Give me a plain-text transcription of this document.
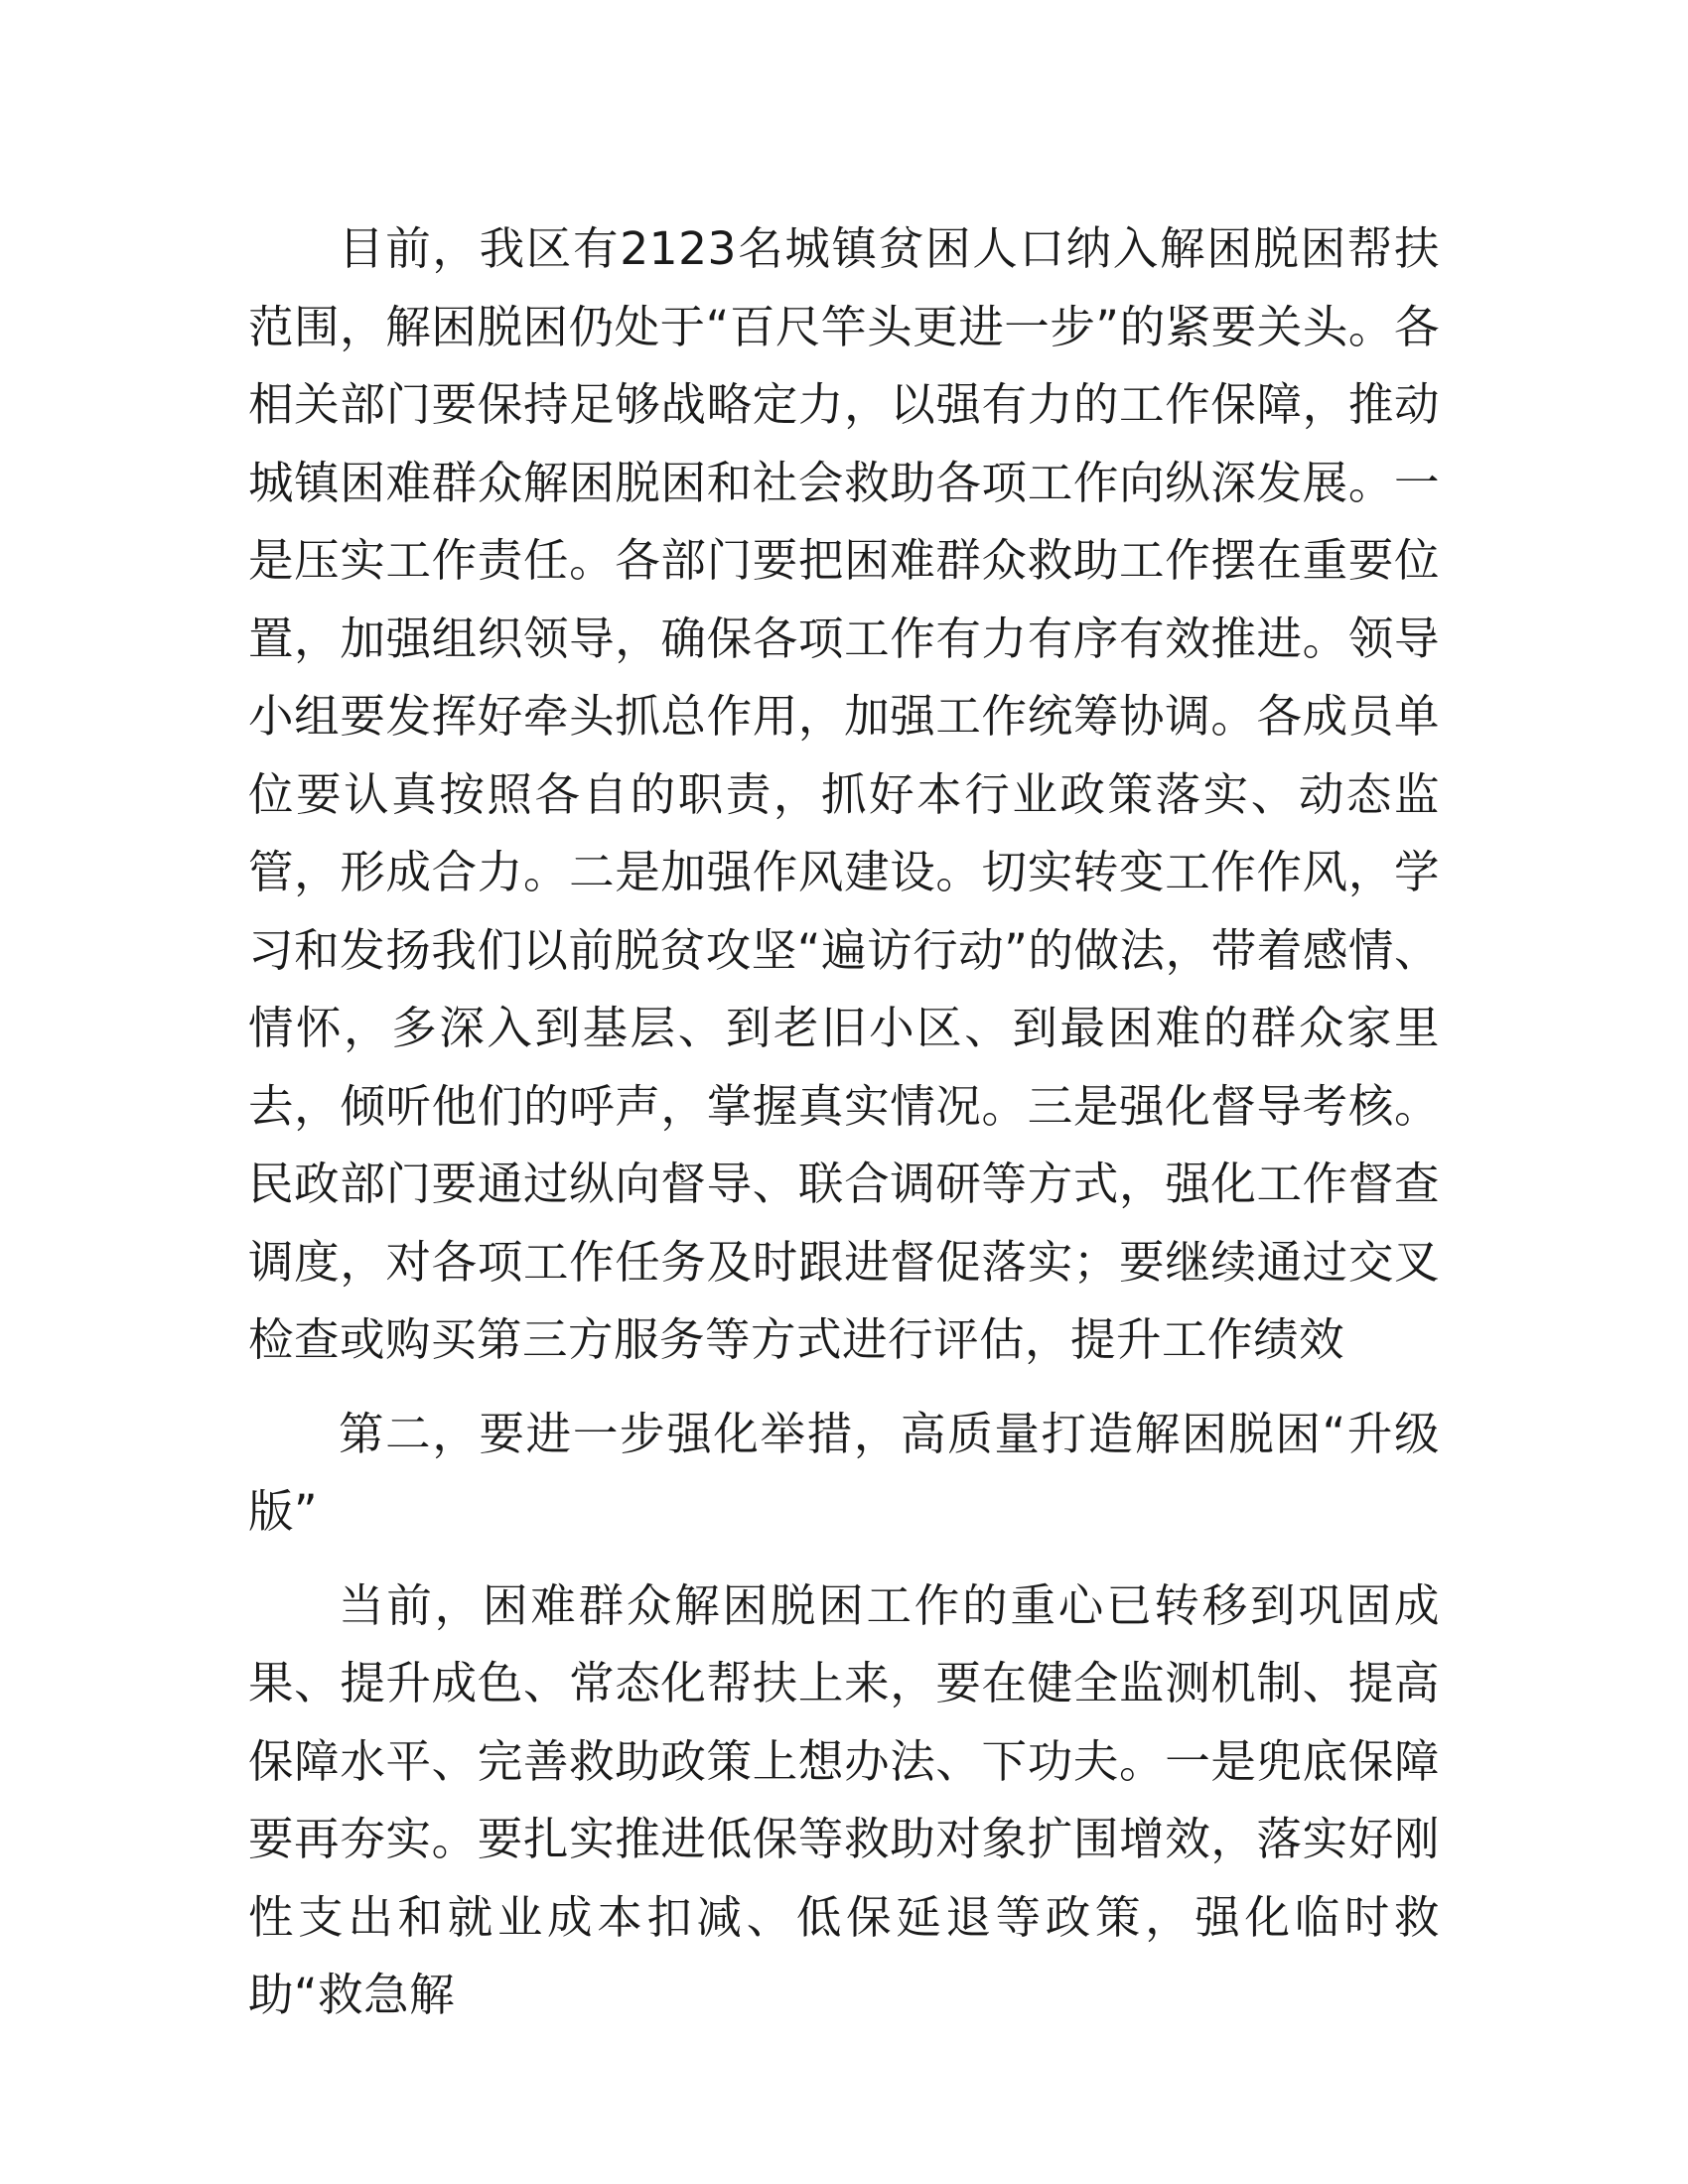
目前，我区有2123名城镇贫困人口纳入解困脱困帮扶范围，解困脱困仍处于“百尺竿头更进一步”的紧要关头。各相关部门要保持足够战略定力，以强有力的工作保障，推动城镇困难群众解困脱困和社会救助各项工作向纵深发展。一是压实工作责任。各部门要把困难群众救助工作摆在重要位置，加强组织领导，确保各项工作有力有序有效推进。领导小组要发挥好牵头抓总作用，加强工作统筹协调。各成员单位要认真按照各自的职责，抓好本行业政策落实、动态监管，形成合力。二是加强作风建设。切实转变工作作风，学习和发扬我们以前脱贫攻坚“遍访行动”的做法，带着感情、情怀，多深入到基层、到老旧小区、到最困难的群众家里去，倾听他们的呼声，掌握真实情况。三是强化督导考核。民政部门要通过纵向督导、联合调研等方式，强化工作督查调度，对各项工作任务及时跟进督促落实；要继续通过交叉检查或购买第三方服务等方式进行评估，提升工作绩效

第二，要进一步强化举措，高质量打造解困脱困“升级版”

当前，困难群众解困脱困工作的重心已转移到巩固成果、提升成色、常态化帮扶上来，要在健全监测机制、提高保障水平、完善救助政策上想办法、下功夫。一是兜底保障要再夯实。要扎实推进低保等救助对象扩围增效，落实好刚性支出和就业成本扣减、低保延退等政策，强化临时救助“救急解
